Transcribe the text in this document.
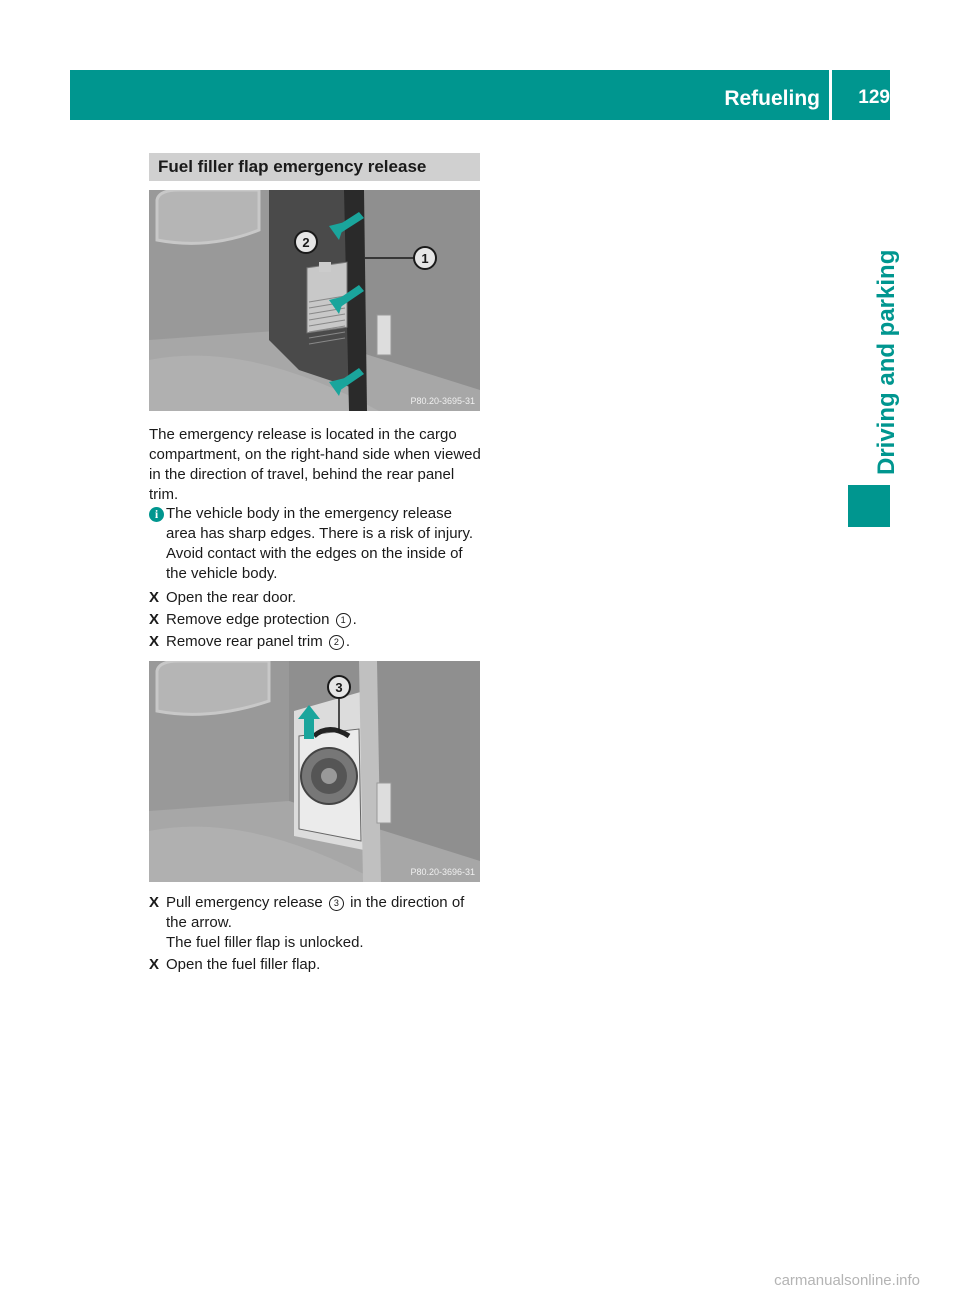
Refueling 129
Driving and parking
Fuel filler flap emergency release
1
2
P80.20-3695-31

The emergency release is located in the cargo compartment, on the right-hand side when viewed in the direction of travel, behind the rear panel trim.

i The vehicle body in the emergency release area has sharp edges. There is a risk of injury. Avoid contact with the edges on the inside of the vehicle body.
X Open the rear door.
X Remove edge protection 1 .
X Remove rear panel trim 2 .
3
P80.20-3696-31
X Pull emergency release 3 in the direction of the arrow.
The fuel filler flap is unlocked.
X Open the fuel filler flap.
carmanualsonline.info
